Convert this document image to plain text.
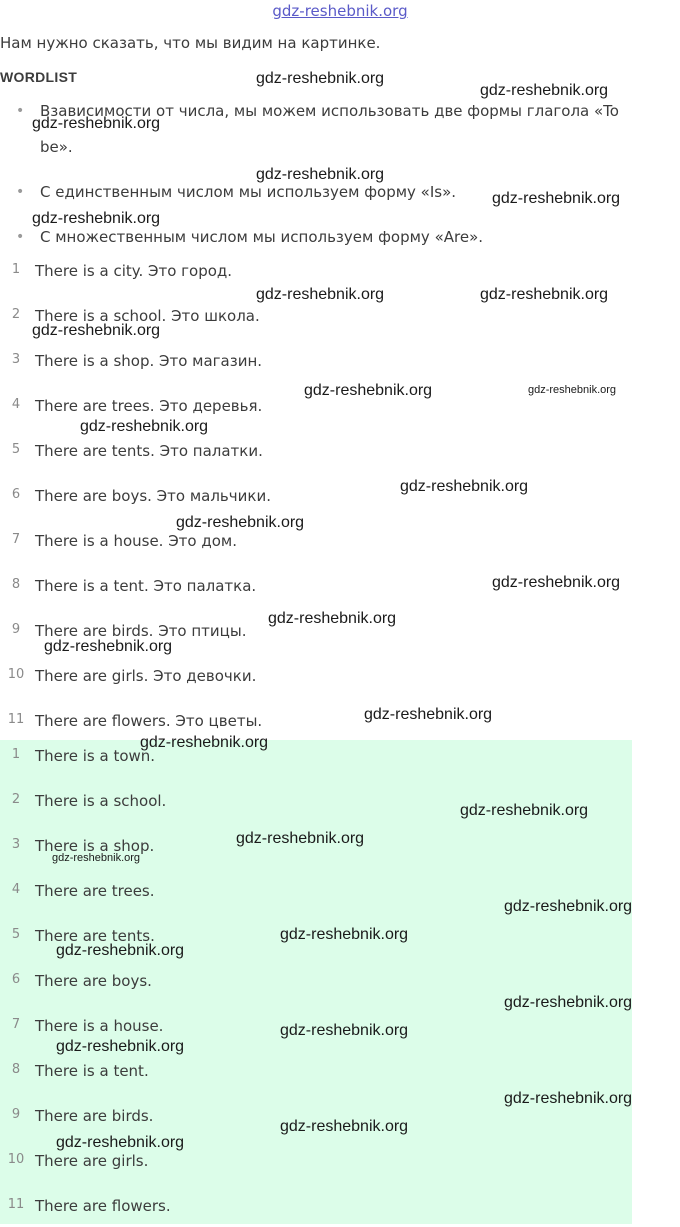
gdz-reshebnik.org
Нам нужно сказать, что мы видим на картинке.
WORDLIST
• Взависимости от числа, мы можем использовать две формы глагола «To
be».
• С единственным числом мы используем форму «Is».
• С множественным числом мы используем форму «Are».
1 There is a city. Это город.
2 There is a school. Это школа.
3 There is a shop. Это магазин.
4 There are trees. Это деревья.
5 There are tents. Это палатки.
6 There are boys. Это мальчики.
7 There is a house. Это дом.
8 There is a tent. Это палатка.
9 There are birds. Это птицы.
10 There are girls. Это девочки.
11 There are flowers. Это цветы.
1 There is a town.
2 There is a school.
3 There is a shop.
4 There are trees.
5 There are tents.
6 There are boys.
7 There is a house.
8 There is a tent.
9 There are birds.
10 There are girls.
11 There are flowers.
gdz-reshebnik.org
gdz-reshebnik.org
gdz-reshebnik.org
gdz-reshebnik.org
gdz-reshebnik.org
gdz-reshebnik.org
gdz-reshebnik.org	gdz-reshebnik.org
gdz-reshebnik.org
gdz-reshebnik.org	gdz-reshebnik.org
gdz-reshebnik.org
gdz-reshebnik.org
gdz-reshebnik.org
gdz-reshebnik.org
gdz-reshebnik.org
gdz-reshebnik.org
gdz-reshebnik.org
gdz-reshebnik.org
gdz-reshebnik.org
gdz-reshebnik.org
gdz-reshebnik.org
gdz-reshebnik.org
gdz-reshebnik.org
gdz-reshebnik.org
gdz-reshebnik.org
gdz-reshebnik.org
gdz-reshebnik.org
gdz-reshebnik.org
gdz-reshebnik.org
gdz-reshebnik.org
